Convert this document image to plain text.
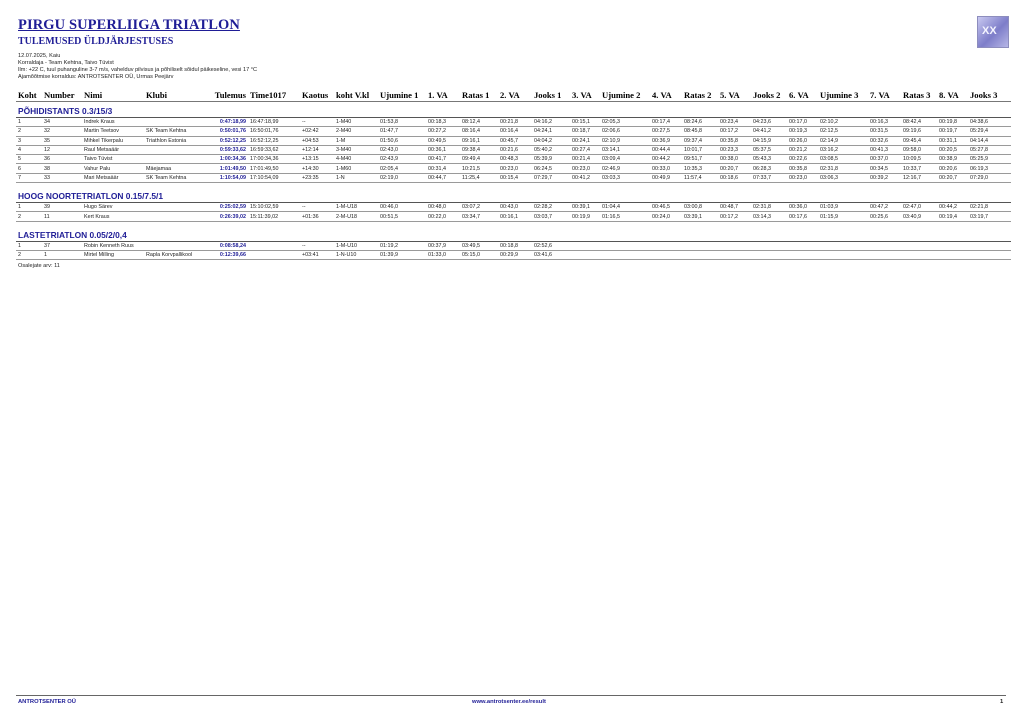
PIRGU SUPERLIIGA TRIATLON
TULEMUSED ÜLDJÄRJESTUSES
XX
12.07.2025, Kaiu
Korraldaja - Team Kehtna, Taivo Tüvist
Ilm: +22 C, tuul puhanguline 3-7 m/s, vahelduv pilvisus ja põhiliselt sõidul päikeseline, vesi 17 °C
Ajamõõtmise korraldus: ANTROTSENTER OÜ, Urmas Peejärv
Koht	Number	Nimi	Klubi	Tulemus	Time1017	Kaotus	koht V.kl	Ujumine 1	1. VA	Ratas 1	2. VA	Jooks 1	3. VA	Ujumine 2	4. VA	Ratas 2	5. VA	Jooks 2	6. VA	Ujumine 3	7. VA	Ratas 3	8. VA	Jooks 3
PÕHIDISTANTS 0.3/15/3																								
1	34	Indrek Kraus		0:47:18,99	16:47:18,99	--	1-M40	01:53,8	00:18,3	08:12,4	00:21,8	04:16,2	00:15,1	02:05,3	00:17,4	08:24,6	00:23,4	04:23,6	00:17,0	02:10,2	00:16,3	08:42,4	00:19,8	04:38,6
2	32	Martin Teetsov	SK Team Kehtna	0:50:01,76	16:50:01,76	+02:42	2-M40	01:47,7	00:27,2	08:16,4	00:16,4	04:24,1	00:18,7	02:06,6	00:27,5	08:45,8	00:17,2	04:41,2	00:19,3	02:12,5	00:31,5	09:19,6	00:19,7	05:29,4
3	35	Mihkel Tikerpalu	Triathlon Estonia	0:52:12,25	16:52:12,25	+04:53	1-M	01:50,6	00:49,5	09:16,1	00:45,7	04:04,2	00:24,1	02:10,9	00:36,9	09:37,4	00:35,8	04:15,9	00:26,0	02:14,9	00:32,6	09:45,4	00:31,1	04:14,4
4	12	Raul Metsaäär		0:59:33,62	16:59:33,62	+12:14	3-M40	02:43,0	00:36,1	09:38,4	00:21,6	05:40,2	00:27,4	03:14,1	00:44,4	10:01,7	00:23,3	05:37,5	00:21,2	03:16,2	00:41,3	09:58,0	00:20,5	05:27,8
5	36	Taivo Tüvist		1:00:34,36	17:00:34,36	+13:15	4-M40	02:43,9	00:41,7	09:49,4	00:48,3	05:39,9	00:21,4	03:09,4	00:44,2	09:51,7	00:38,0	05:43,3	00:22,6	03:08,5	00:37,0	10:09,5	00:38,9	05:25,9
6	38	Vahur Palu	Mäejamaa	1:01:49,50	17:01:49,50	+14:30	1-M60	02:05,4	00:31,4	10:21,5	00:23,0	06:24,5	00:23,0	02:46,9	00:33,0	10:35,3	00:20,7	06:28,3	00:35,8	02:31,8	00:34,5	10:33,7	00:20,6	06:19,3
7	33	Mari Metsaäär	SK Team Kehtna	1:10:54,09	17:10:54,09	+23:35	1-N	02:19,0	00:44,7	11:25,4	00:15,4	07:29,7	00:41,2	03:03,3	00:49,9	11:57,4	00:18,6	07:33,7	00:23,0	03:06,3	00:39,2	12:16,7	00:20,7	07:29,0

HOOG NOORTETRIATLON 0.15/7.5/1																								
1	39	Hugo Särev		0:25:02,59	15:10:02,59	--	1-M-U18	00:46,0	00:48,0	03:07,2	00:43,0	02:28,2	00:39,1	01:04,4	00:46,5	03:00,8	00:48,7	02:31,8	00:36,0	01:03,9	00:47,2	02:47,0	00:44,2	02:21,8
2	11	Kert Kraus		0:26:39,02	15:11:39,02	+01:36	2-M-U18	00:51,5	00:22,0	03:34,7	00:16,1	03:03,7	00:19,9	01:16,5	00:24,0	03:39,1	00:17,2	03:14,3	00:17,6	01:15,9	00:25,6	03:40,9	00:19,4	03:19,7

LASTETRIATLON 0.05/2/0,4																								
1	37	Robin Kenneth Ruus		0:08:58,24		--	1-M-U10	01:19,2	00:37,9	03:49,5	00:18,8	02:52,6												
2	1	Mirtel Milling	Rapla Korvpallikool	0:12:39,66		+03:41	1-N-U10	01:39,9	01:33,0	05:15,0	00:29,9	03:41,6												
Osalejate arv: 11
ANTROTSENTER OÜ	www.antrotsenter.ee/result	1
